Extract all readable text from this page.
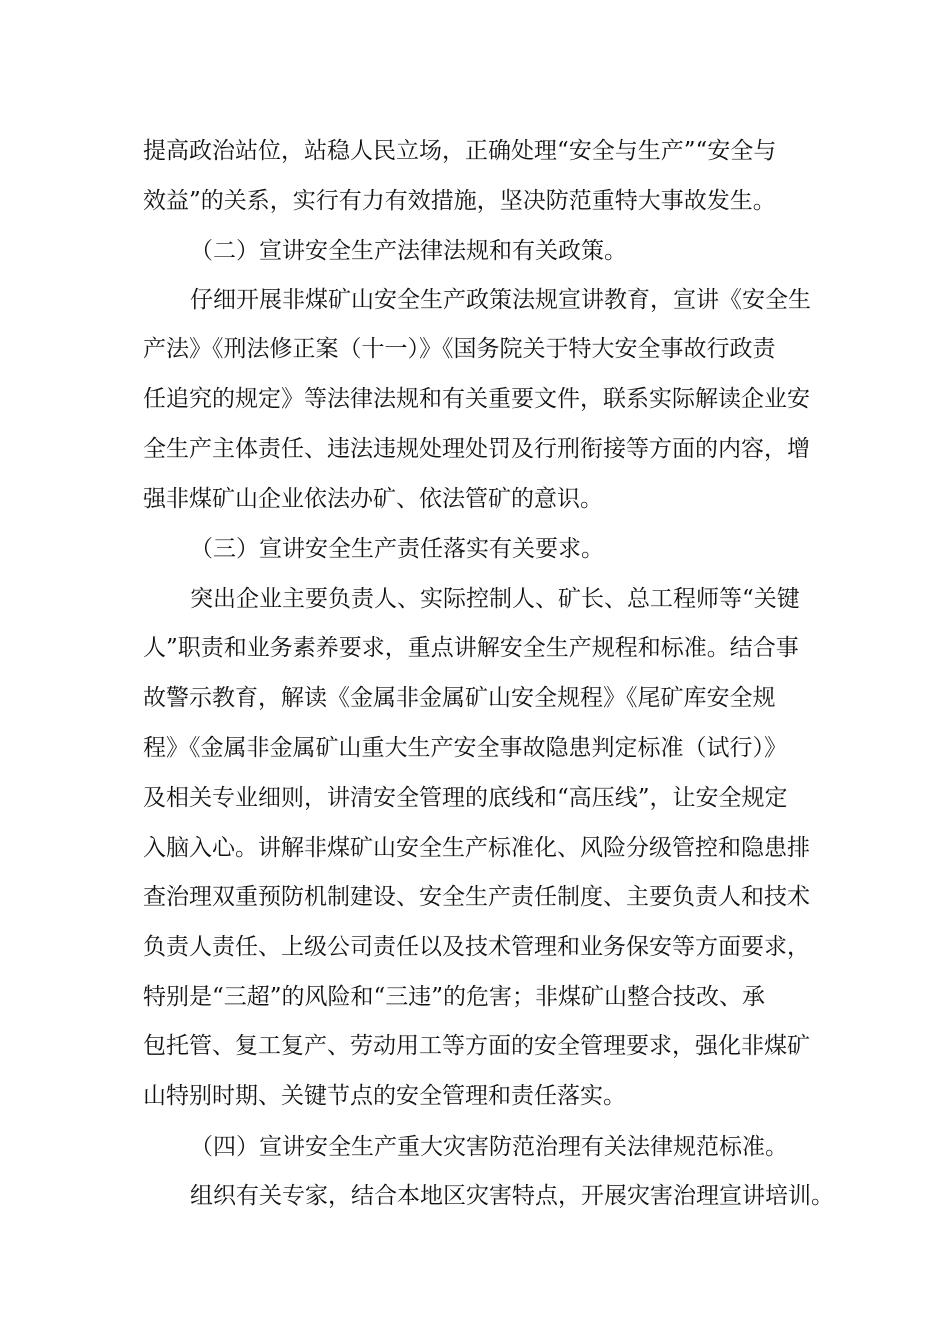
提高政治站位，站稳人民立场，正确处理“安全与生产”“安全与
效益”的关系，实行有力有效措施，坚决防范重特大事故发生。
（二）宣讲安全生产法律法规和有关政策。
仔细开展非煤矿山安全生产政策法规宣讲教育，宣讲《安全生
产法》《刑法修正案（十一）》《国务院关于特大安全事故行政责
任追究的规定》等法律法规和有关重要文件，联系实际解读企业安
全生产主体责任、违法违规处理处罚及行刑衔接等方面的内容，增
强非煤矿山企业依法办矿、依法管矿的意识。
（三）宣讲安全生产责任落实有关要求。
突出企业主要负责人、实际控制人、矿长、总工程师等“关键
人”职责和业务素养要求，重点讲解安全生产规程和标准。结合事
故警示教育，解读《金属非金属矿山安全规程》《尾矿库安全规
程》《金属非金属矿山重大生产安全事故隐患判定标准（试行）》
及相关专业细则，讲清安全管理的底线和“高压线”，让安全规定
入脑入心。讲解非煤矿山安全生产标准化、风险分级管控和隐患排
查治理双重预防机制建设、安全生产责任制度、主要负责人和技术
负责人责任、上级公司责任以及技术管理和业务保安等方面要求，
特别是“三超”的风险和“三违”的危害；非煤矿山整合技改、承
包托管、复工复产、劳动用工等方面的安全管理要求，强化非煤矿
山特别时期、关键节点的安全管理和责任落实。
（四）宣讲安全生产重大灾害防范治理有关法律规范标准。
组织有关专家，结合本地区灾害特点，开展灾害治理宣讲培训。
